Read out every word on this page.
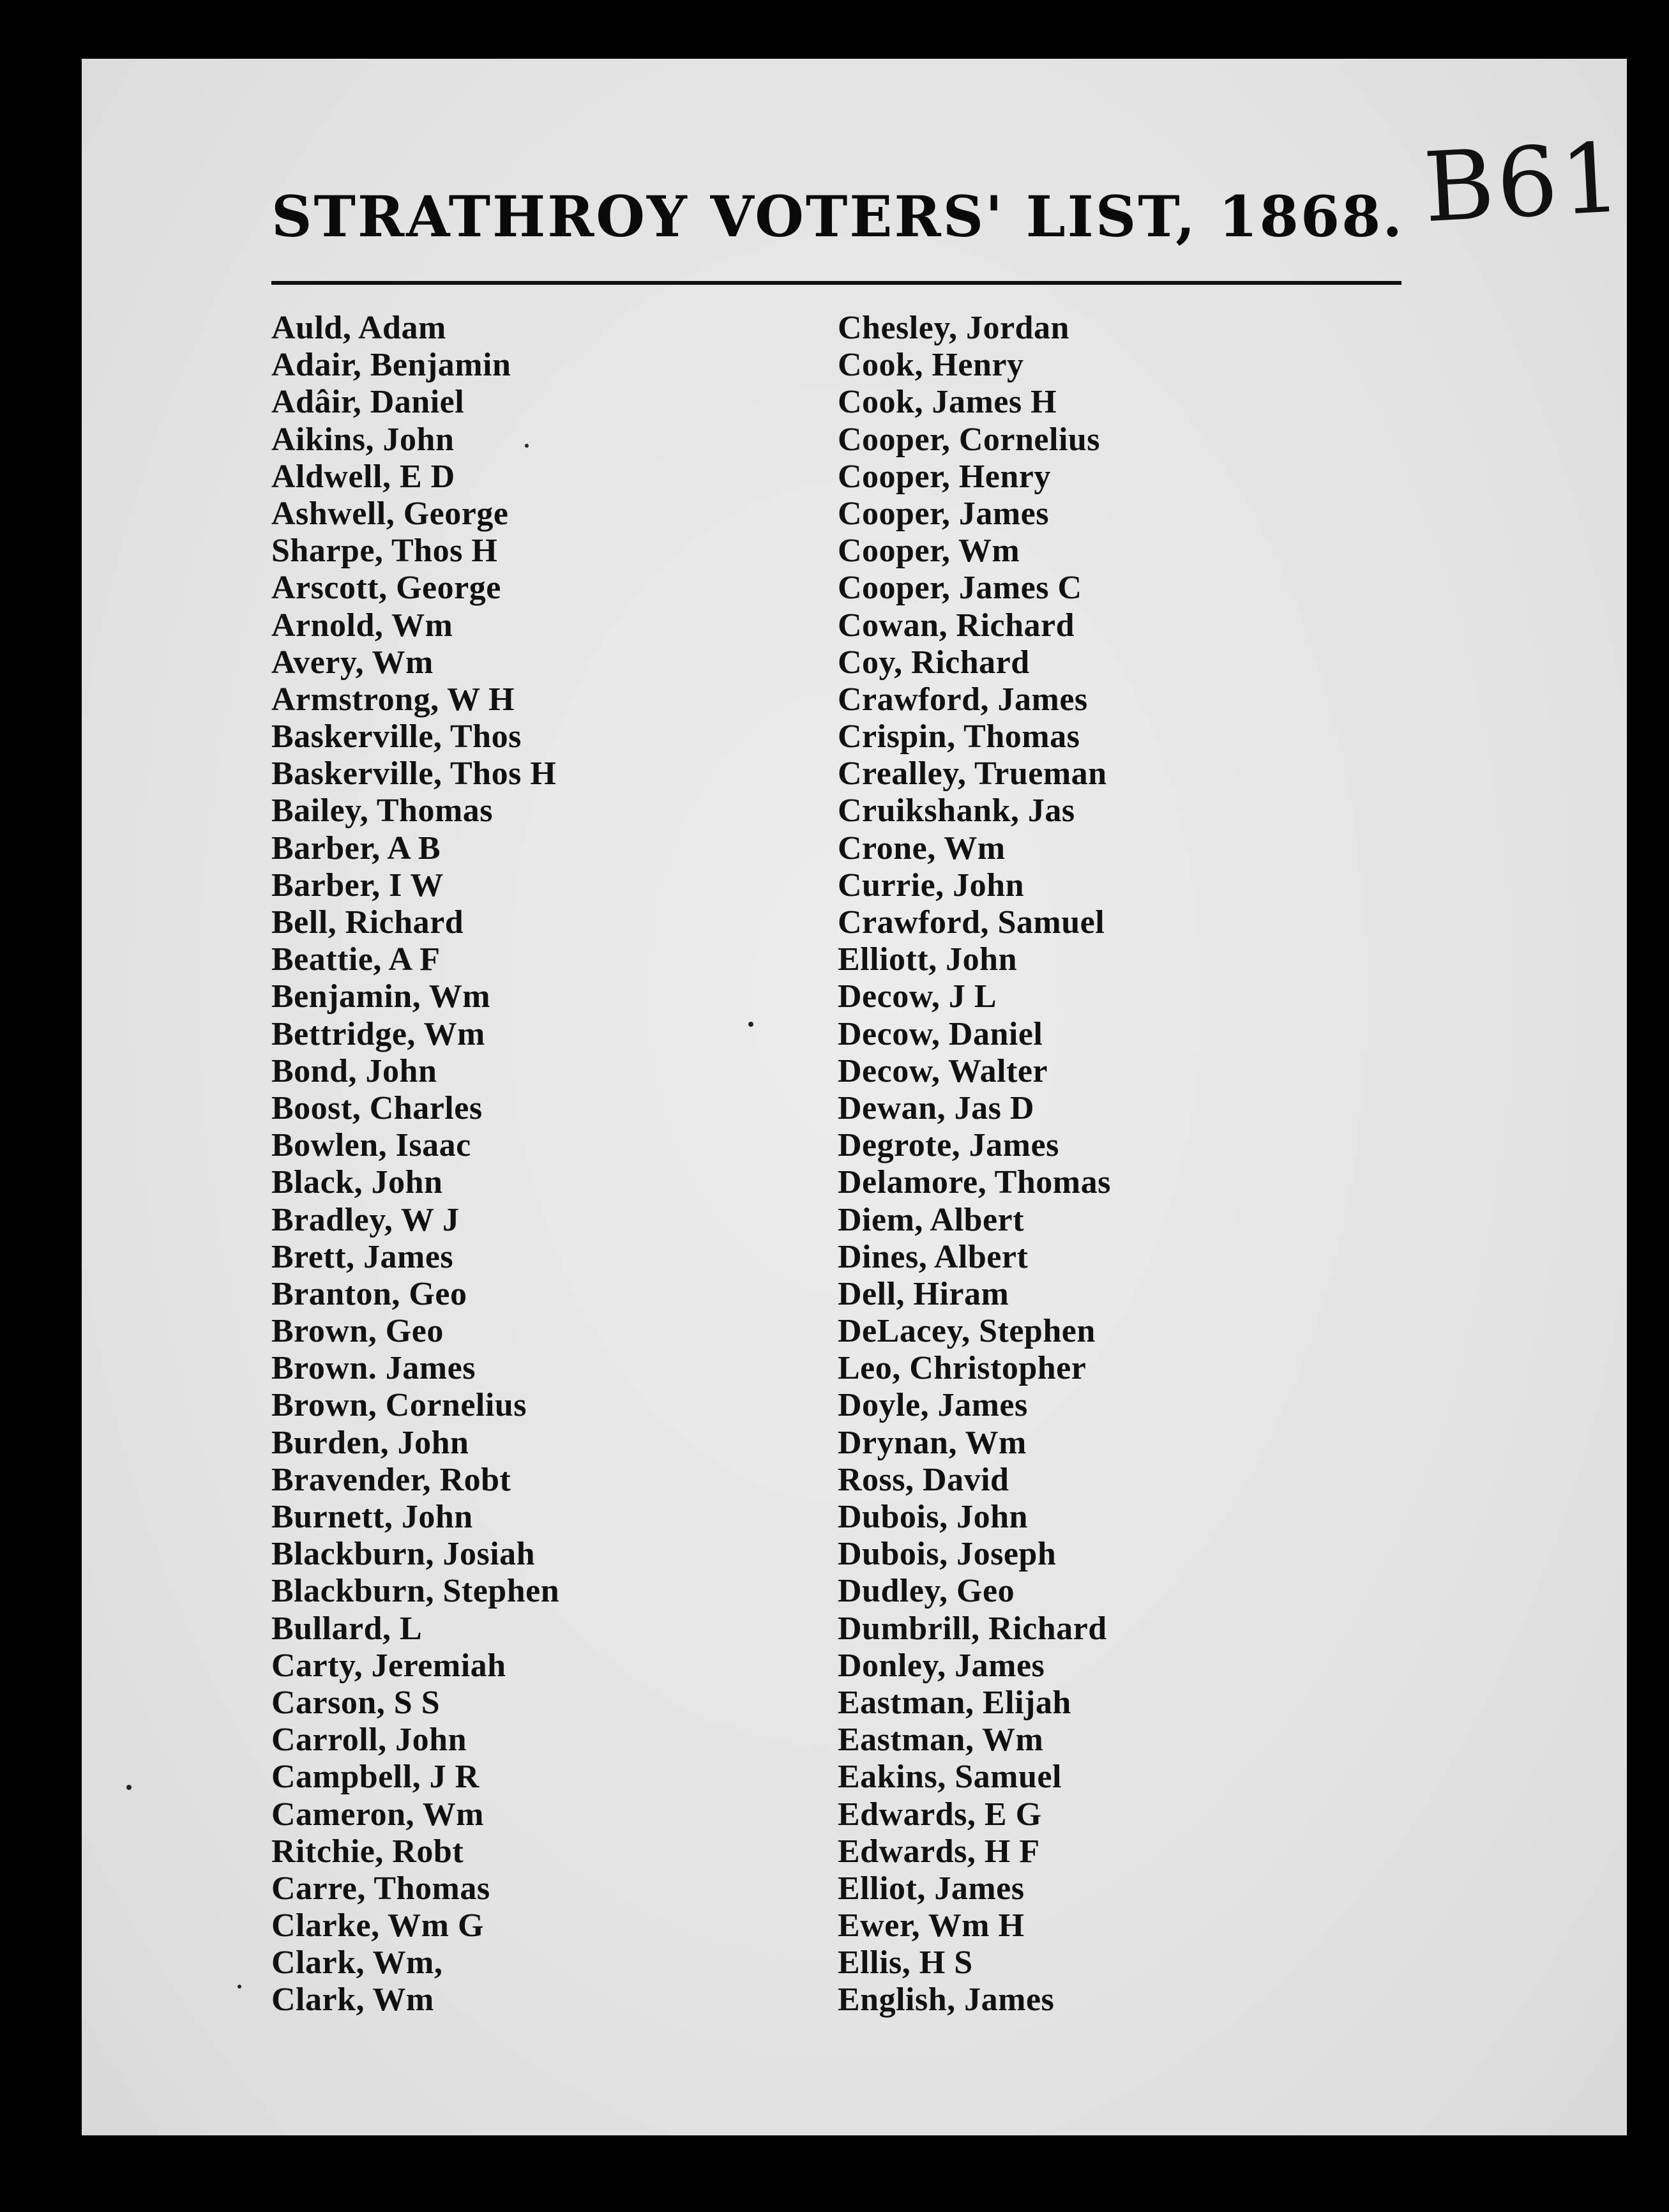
B61
STRATHROY VOTERS' LIST, 1868.
Auld, Adam
Adair, Benjamin
Adâir, Daniel
Aikins, John
Aldwell, E D
Ashwell, George
Sharpe, Thos H
Arscott, George
Arnold, Wm
Avery, Wm
Armstrong, W H
Baskerville, Thos
Baskerville, Thos H
Bailey, Thomas
Barber, A B
Barber, I W
Bell, Richard
Beattie, A F
Benjamin, Wm
Bettridge, Wm
Bond, John
Boost, Charles
Bowlen, Isaac
Black, John
Bradley, W J
Brett, James
Branton, Geo
Brown, Geo
Brown. James
Brown, Cornelius
Burden, John
Bravender, Robt
Burnett, John
Blackburn, Josiah
Blackburn, Stephen
Bullard, L
Carty, Jeremiah
Carson, S S
Carroll, John
Campbell, J R
Cameron, Wm
Ritchie, Robt
Carre, Thomas
Clarke, Wm G
Clark, Wm,
Clark, Wm
Chesley, Jordan
Cook, Henry
Cook, James H
Cooper, Cornelius
Cooper, Henry
Cooper, James
Cooper, Wm
Cooper, James C
Cowan, Richard
Coy, Richard
Crawford, James
Crispin, Thomas
Crealley, Trueman
Cruikshank, Jas
Crone, Wm
Currie, John
Crawford, Samuel
Elliott, John
Decow, J L
Decow, Daniel
Decow, Walter
Dewan, Jas D
Degrote, James
Delamore, Thomas
Diem, Albert
Dines, Albert
Dell, Hiram
DeLacey, Stephen
Leo, Christopher
Doyle, James
Drynan, Wm
Ross, David
Dubois, John
Dubois, Joseph
Dudley, Geo
Dumbrill, Richard
Donley, James
Eastman, Elijah
Eastman, Wm
Eakins, Samuel
Edwards, E G
Edwards, H F
Elliot, James
Ewer, Wm H
Ellis, H S
English, James
